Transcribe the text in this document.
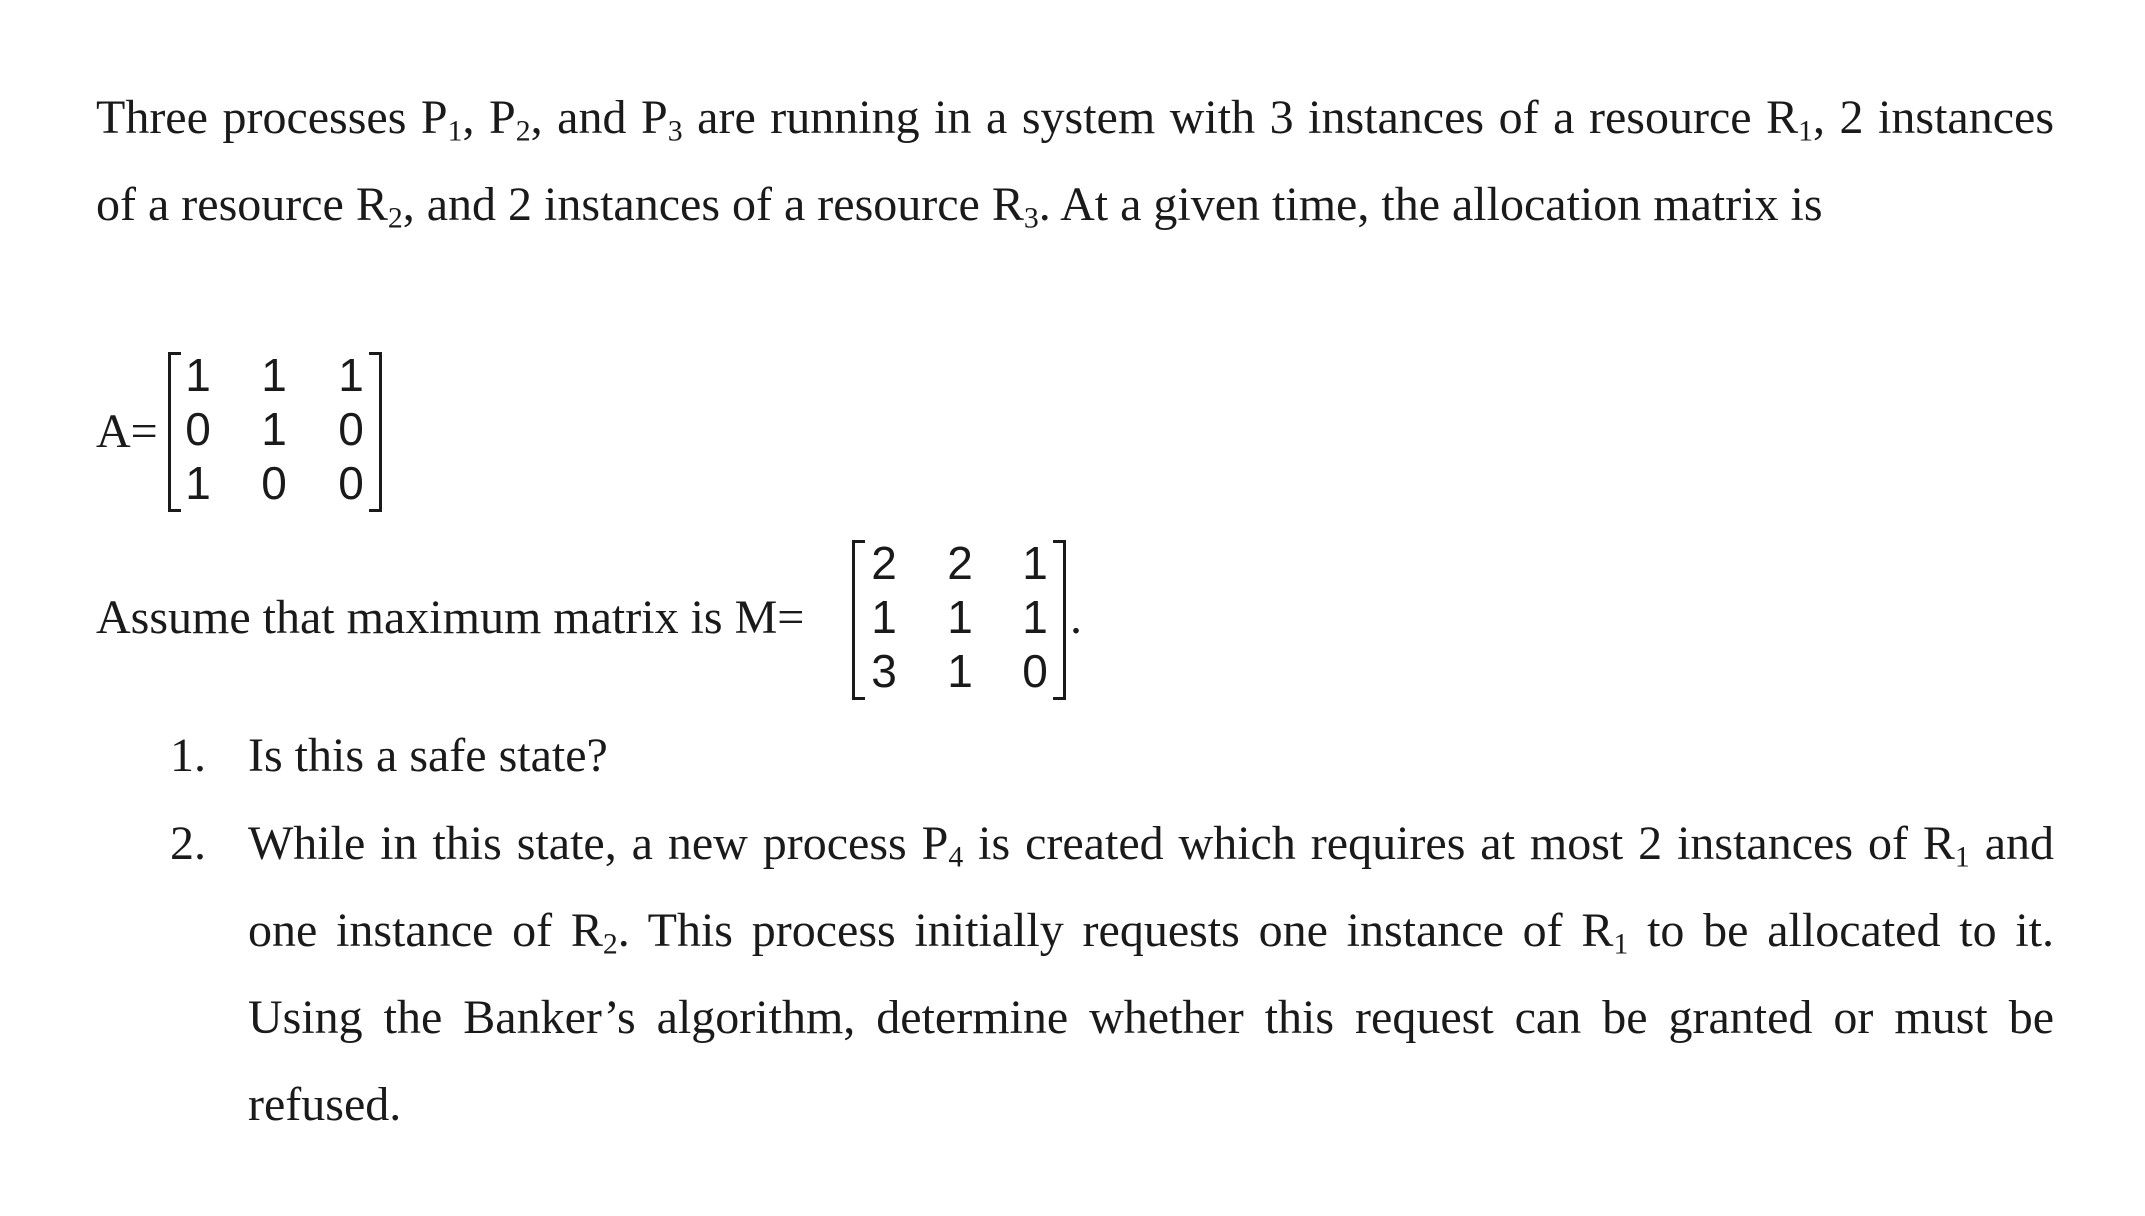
Three processes $P_1$, $P_2$, and $P_3$ are running in a system with 3 instances of a resource $R_1$, 2 instances of a resource $R_2$, and 2 instances of a resource $R_3$. At a given time, the allocation matrix is
A=
1 1 1
0 1 0
1 0 0
Assume that maximum matrix is M=
2 2 1
1 1 1
3 1 0
.
1. Is this a safe state?
2. While in this state, a new process $P_4$ is created which requires at most 2 instances of $R_1$ and one instance of $R_2$. This process initially requests one instance of $R_1$ to be allocated to it. Using the Banker’s algorithm, determine whether this request can be granted or must be refused.
